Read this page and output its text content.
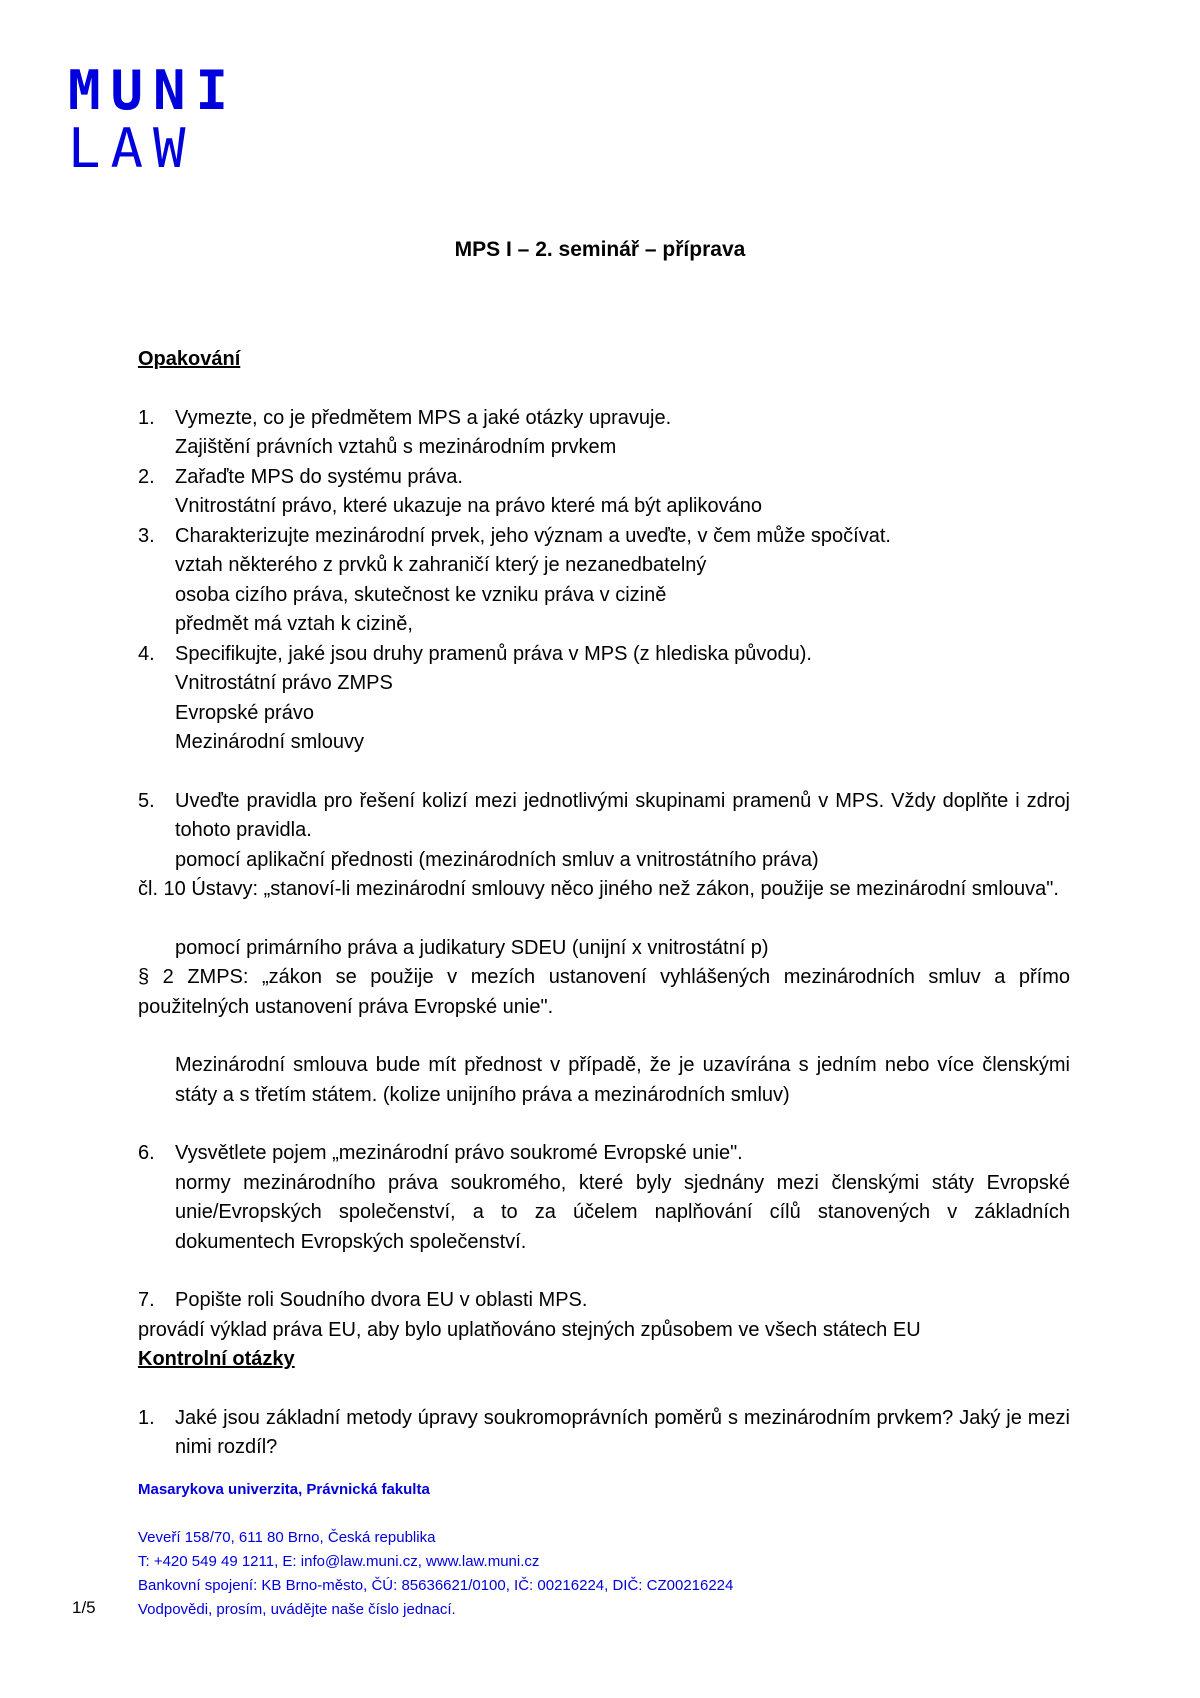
MUNI
LAW
MPS I – 2. seminář – příprava

Opakování

1.	Vymezte, co je předmětem MPS a jaké otázky upravuje.
Zajištění právních vztahů s mezinárodním prvkem
2.	Zařaďte MPS do systému práva.
Vnitrostátní právo, které ukazuje na právo které má být aplikováno
3.	Charakterizujte mezinárodní prvek, jeho význam a uveďte, v čem může spočívat.
vztah některého z prvků k zahraničí který je nezanedbatelný
osoba cizího práva, skutečnost ke vzniku práva v cizině
předmět má vztah k cizině,
4.	Specifikujte, jaké jsou druhy pramenů práva v MPS (z hlediska původu).
Vnitrostátní právo ZMPS
Evropské právo
Mezinárodní smlouvy
5.	Uveďte pravidla pro řešení kolizí mezi jednotlivými skupinami pramenů v MPS. Vždy doplňte i zdroj tohoto pravidla.
pomocí aplikační přednosti (mezinárodních smluv a vnitrostátního práva)
čl. 10 Ústavy: „stanoví-li mezinárodní smlouvy něco jiného než zákon, použije se mezinárodní smlouva".
pomocí primárního práva a judikatury SDEU (unijní x vnitrostátní p)
§ 2 ZMPS: „zákon se použije v mezích ustanovení vyhlášených mezinárodních smluv a přímo použitelných ustanovení práva Evropské unie".
Mezinárodní smlouva bude mít přednost v případě, že je uzavírána s jedním nebo více členskými státy a s třetím státem. (kolize unijního práva a mezinárodních smluv)
6.	Vysvětlete pojem „mezinárodní právo soukromé Evropské unie".
normy mezinárodního práva soukromého, které byly sjednány mezi členskými státy Evropské unie/Evropských společenství, a to za účelem naplňování cílů stanovených v základních dokumentech Evropských společenství.
7.	Popište roli Soudního dvora EU v oblasti MPS.
provádí výklad práva EU, aby bylo uplatňováno stejných způsobem ve všech státech EU

Kontrolní otázky

1.	Jaké jsou základní metody úpravy soukromoprávních poměrů s mezinárodním prvkem? Jaký je mezi nimi rozdíl?
Masarykova univerzita, Právnická fakulta
Veveří 158/70, 611 80 Brno, Česká republika
T: +420 549 49 1211, E: info@law.muni.cz, www.law.muni.cz
Bankovní spojení: KB Brno-město, ČÚ: 85636621/0100, IČ: 00216224, DIČ: CZ00216224
Vodpovědi, prosím, uvádějte naše číslo jednací.
1/5
